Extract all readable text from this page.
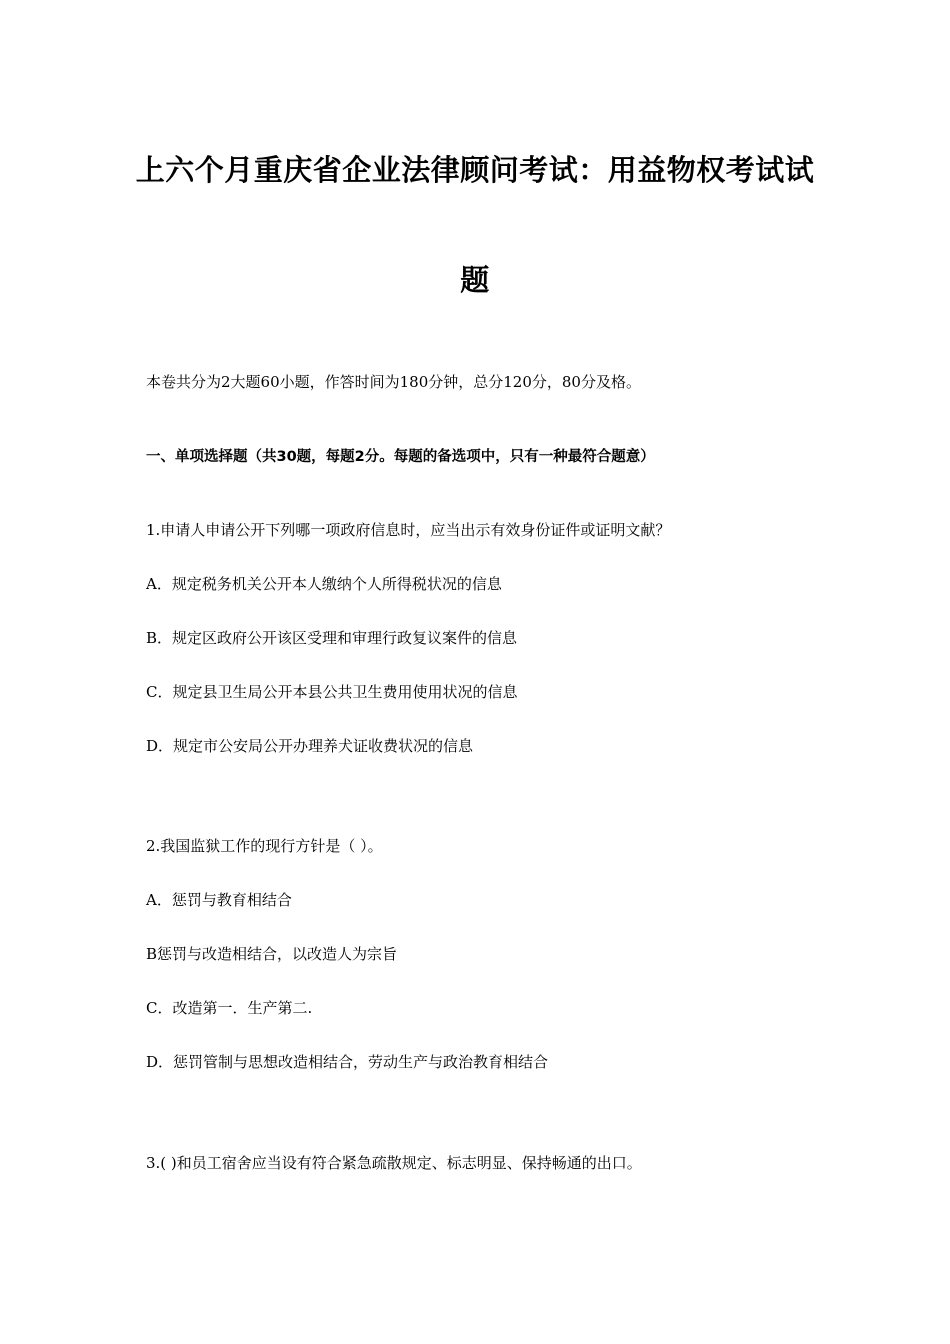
上六个月重庆省企业法律顾问考试：用益物权考试试
题
本卷共分为2大题60小题，作答时间为180分钟，总分120分，80分及格。
一、单项选择题（共30题，每题2分。每题的备选项中，只有一种最符合题意）
1.申请人申请公开下列哪一项政府信息时，应当出示有效身份证件或证明文献？
A．规定税务机关公开本人缴纳个人所得税状况的信息
B．规定区政府公开该区受理和审理行政复议案件的信息
C．规定县卫生局公开本县公共卫生费用使用状况的信息
D．规定市公安局公开办理养犬证收费状况的信息
2.我国监狱工作的现行方针是（ ）。
A．惩罚与教育相结合
B惩罚与改造相结合，以改造人为宗旨
C．改造第一．生产第二.
D．惩罚管制与思想改造相结合，劳动生产与政治教育相结合
3.( )和员工宿舍应当设有符合紧急疏散规定、标志明显、保持畅通的出口。
